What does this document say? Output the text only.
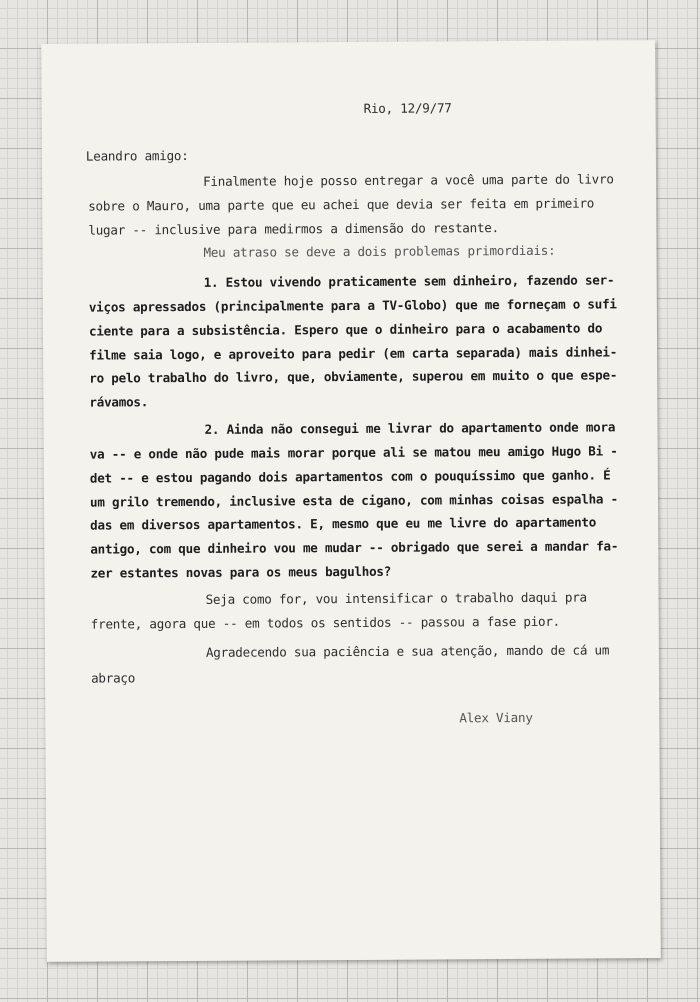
Rio, 12/9/77
Leandro amigo:
Finalmente hoje posso entregar a você uma parte do livro
sobre o Mauro, uma parte que eu achei que devia ser feita em primeiro
lugar -- inclusive para medirmos a dimensão do restante.
Meu atraso se deve a dois problemas primordiais:
1. Estou vivendo praticamente sem dinheiro, fazendo ser-
viços apressados (principalmente para a TV-Globo) que me forneçam o sufi
ciente para a subsistência. Espero que o dinheiro para o acabamento do
filme saia logo, e aproveito para pedir (em carta separada) mais dinhei-
ro pelo trabalho do livro, que, obviamente, superou em muito o que espe-
rávamos.
2. Ainda não consegui me livrar do apartamento onde mora
va -- e onde não pude mais morar porque ali se matou meu amigo Hugo Bi -
det -- e estou pagando dois apartamentos com o pouquíssimo que ganho. É
um grilo tremendo, inclusive esta de cigano, com minhas coisas espalha -
das em diversos apartamentos. E, mesmo que eu me livre do apartamento
antigo, com que dinheiro vou me mudar -- obrigado que serei a mandar fa-
zer estantes novas para os meus bagulhos?
Seja como for, vou intensificar o trabalho daqui pra
frente, agora que -- em todos os sentidos -- passou a fase pior.
Agradecendo sua paciência e sua atenção, mando de cá um
abraço
Alex Viany
